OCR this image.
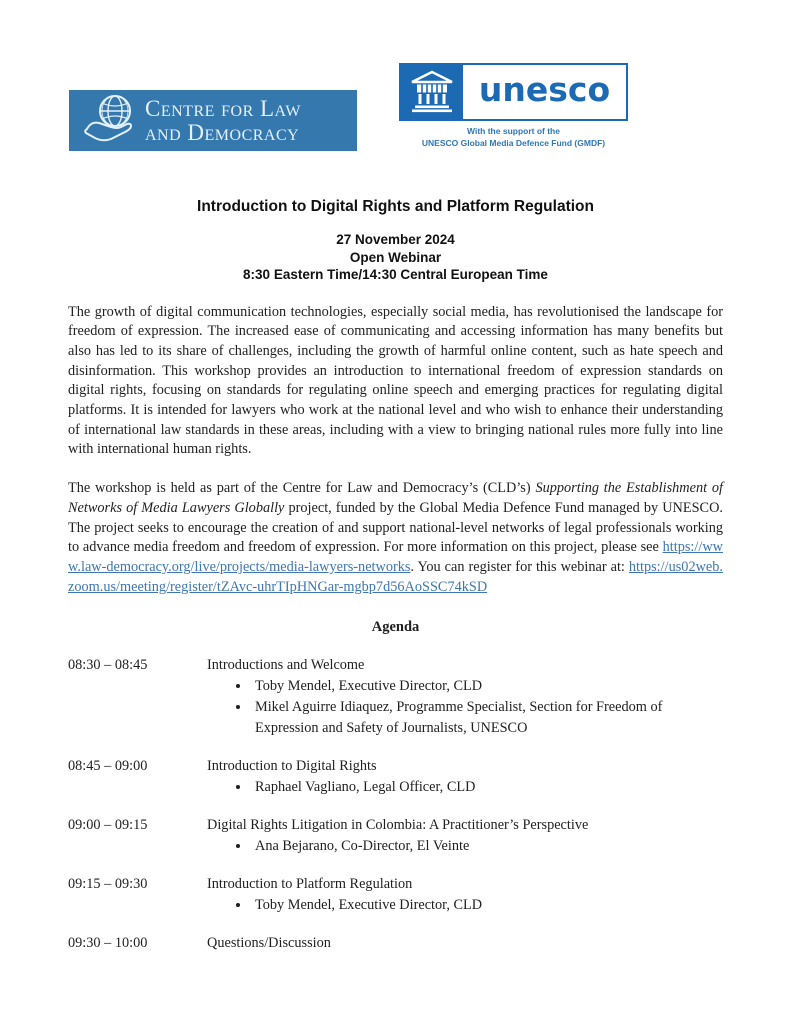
Centre for Law
and Democracy
unesco
With the support of the
UNESCO Global Media Defence Fund (GMDF)
Introduction to Digital Rights and Platform Regulation
27 November 2024
Open Webinar
8:30 Eastern Time/14:30 Central European Time

The growth of digital communication technologies, especially social media, has revolutionised the landscape for freedom of expression. The increased ease of communicating and accessing information has many benefits but also has led to its share of challenges, including the growth of harmful online content, such as hate speech and disinformation. This workshop provides an introduction to international freedom of expression standards on digital rights, focusing on standards for regulating online speech and emerging practices for regulating digital platforms. It is intended for lawyers who work at the national level and who wish to enhance their understanding of international law standards in these areas, including with a view to bringing national rules more fully into line with international human rights.

The workshop is held as part of the Centre for Law and Democracy’s (CLD’s) Supporting the Establishment of Networks of Media Lawyers Globally project, funded by the Global Media Defence Fund managed by UNESCO. The project seeks to encourage the creation of and support national-level networks of legal professionals working to advance media freedom and freedom of expression. For more information on this project, please see https://www.law-democracy.org/live/projects/media-lawyers-networks. You can register for this webinar at: https://us02web.zoom.us/meeting/register/tZAvc-uhrTIpHNGar-mgbp7d56AoSSC74kSD

Agenda
08:30 – 08:45	Introductions and Welcome
• Toby Mendel, Executive Director, CLD
• Mikel Aguirre Idiaquez, Programme Specialist, Section for Freedom of Expression and Safety of Journalists, UNESCO
08:45 – 09:00	Introduction to Digital Rights
• Raphael Vagliano, Legal Officer, CLD
09:00 – 09:15	Digital Rights Litigation in Colombia: A Practitioner’s Perspective
• Ana Bejarano, Co-Director, El Veinte
09:15 – 09:30	Introduction to Platform Regulation
• Toby Mendel, Executive Director, CLD
09:30 – 10:00	Questions/Discussion
